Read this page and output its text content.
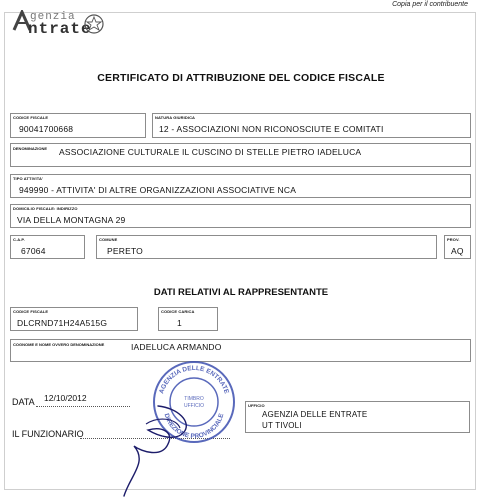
Copia per il contribuente
genzia
ntrate
CERTIFICATO DI ATTRIBUZIONE DEL CODICE FISCALE
CODICE FISCALE
90041700668
NATURA GIURIDICA
12 - ASSOCIAZIONI NON RICONOSCIUTE E COMITATI
DENOMINAZIONE ASSOCIAZIONE CULTURALE IL CUSCINO DI STELLE PIETRO IADELUCA
TIPO ATTIVITA'
949990 - ATTIVITA' DI ALTRE ORGANIZZAZIONI ASSOCIATIVE NCA
DOMICILIO FISCALE: INDIRIZZO
VIA DELLA MONTAGNA 29
C.A.P.
67064
COMUNE
PERETO
PROV.
AQ
DATI RELATIVI AL RAPPRESENTANTE
CODICE FISCALE
DLCRND71H24A515G
CODICE CARICA
1
COGNOME E NOME OVVERO DENOMINAZIONE	IADELUCA ARMANDO
DATA 12/10/2012
IL FUNZIONARIO
UFFICIO
AGENZIA DELLE ENTRATE
UT TIVOLI
AGENZIA DELLE ENTRATE
DIREZIONE PROVINCIALE
TIMBRO
UFFICIO
